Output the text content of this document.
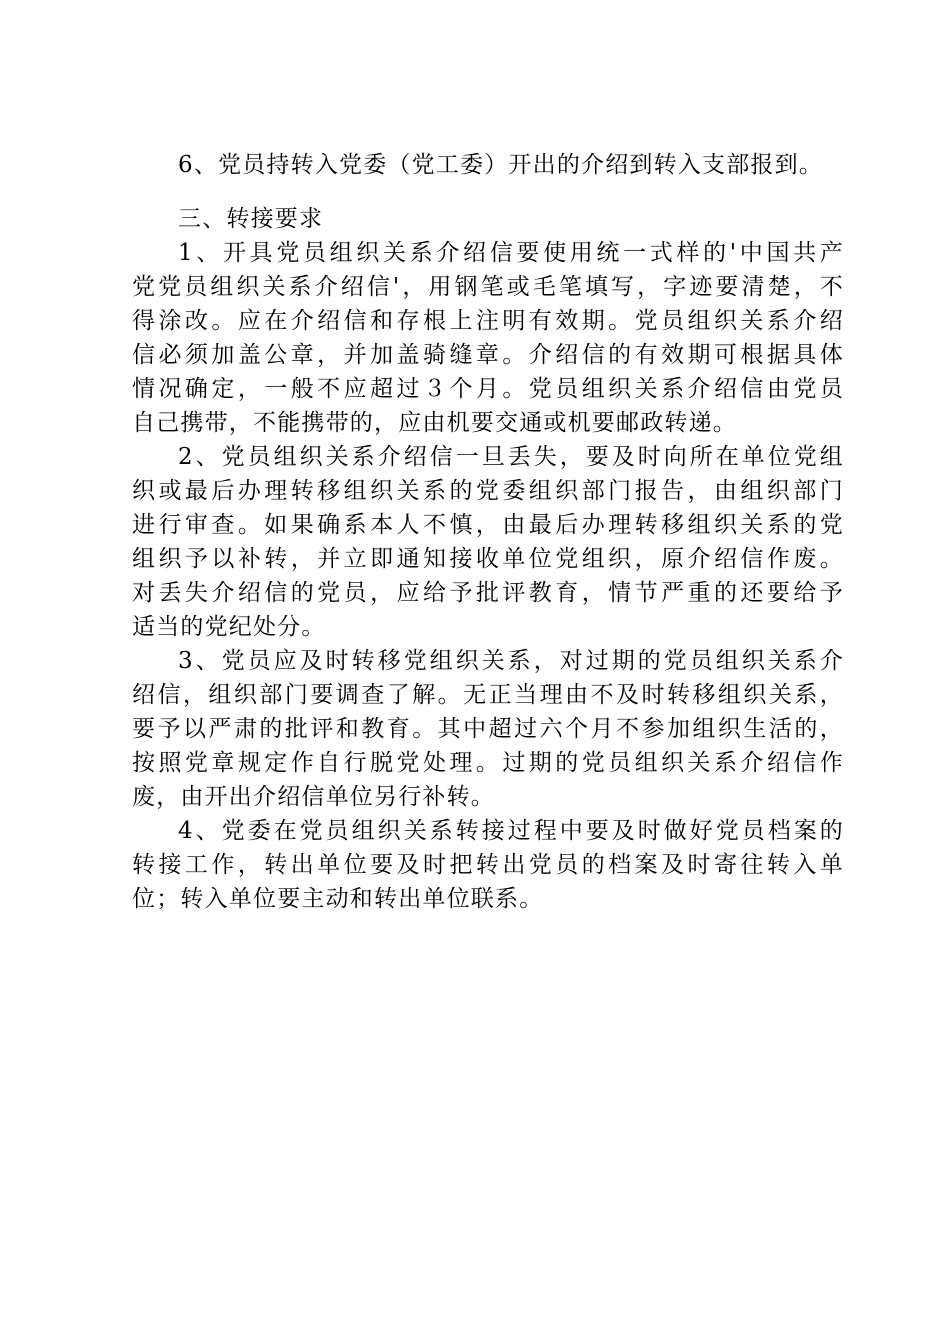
6、党员持转入党委（党工委）开出的介绍到转入支部报到。
三、转接要求
1、开具党员组织关系介绍信要使用统一式样的'中国共产
党党员组织关系介绍信'，用钢笔或毛笔填写，字迹要清楚，不
得涂改。应在介绍信和存根上注明有效期。党员组织关系介绍
信必须加盖公章，并加盖骑缝章。介绍信的有效期可根据具体
情况确定，一般不应超过３个月。党员组织关系介绍信由党员
自己携带，不能携带的，应由机要交通或机要邮政转递。
2、党员组织关系介绍信一旦丢失，要及时向所在单位党组
织或最后办理转移组织关系的党委组织部门报告，由组织部门
进行审查。如果确系本人不慎，由最后办理转移组织关系的党
组织予以补转，并立即通知接收单位党组织，原介绍信作废。
对丢失介绍信的党员，应给予批评教育，情节严重的还要给予
适当的党纪处分。
3、党员应及时转移党组织关系，对过期的党员组织关系介
绍信，组织部门要调查了解。无正当理由不及时转移组织关系，
要予以严肃的批评和教育。其中超过六个月不参加组织生活的，
按照党章规定作自行脱党处理。过期的党员组织关系介绍信作
废，由开出介绍信单位另行补转。
4、党委在党员组织关系转接过程中要及时做好党员档案的
转接工作，转出单位要及时把转出党员的档案及时寄往转入单
位；转入单位要主动和转出单位联系。
